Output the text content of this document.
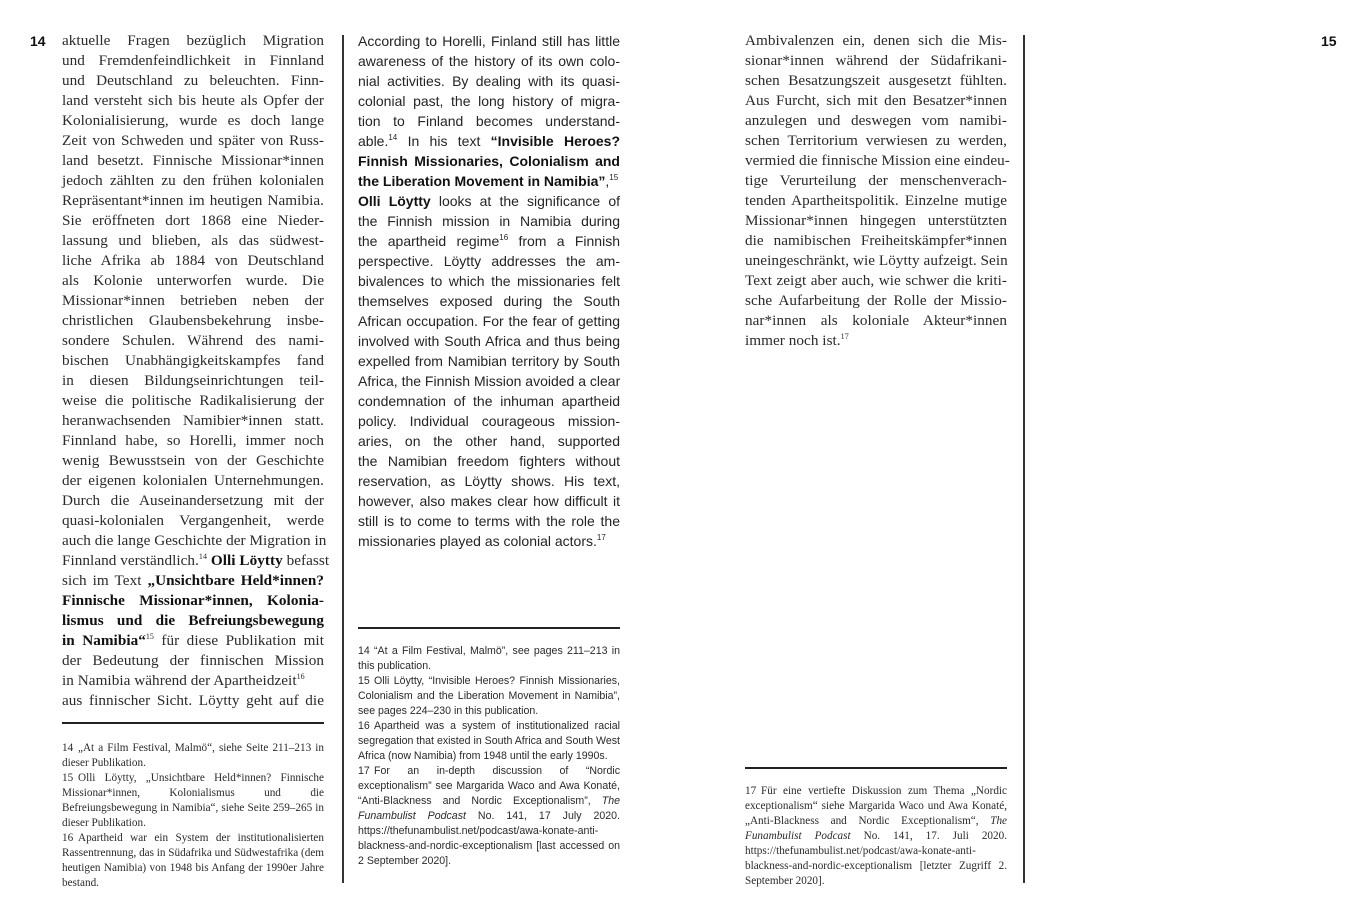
14	15
aktuelle Fragen bezüglich Migration
und Fremdenfeindlichkeit in Finnland
und Deutschland zu beleuchten. Finn-
land versteht sich bis heute als Opfer der
Kolonialisierung, wurde es doch lange
Zeit von Schweden und später von Russ-
land besetzt. Finnische Missionar*innen
jedoch zählten zu den frühen kolonialen
Repräsentant*innen im heutigen Namibia.
Sie eröffneten dort 1868 eine Nieder-
lassung und blieben, als das südwest-
liche Afrika ab 1884 von Deutschland
als Kolonie unterworfen wurde. Die
Missionar*innen betrieben neben der
christlichen Glaubensbekehrung insbe-
sondere Schulen. Während des nami-
bischen Unabhängigkeitskampfes fand
in diesen Bildungseinrichtungen teil-
weise die politische Radikalisierung der
heranwachsenden Namibier*innen statt.
Finnland habe, so Horelli, immer noch
wenig Bewusstsein von der Geschichte
der eigenen kolonialen Unternehmungen.
Durch die Auseinandersetzung mit der
quasi-kolonialen Vergangenheit, werde
auch die lange Geschichte der Migration in
Finnland verständlich.$^{14}$ Olli Löytty befasst
sich im Text „Unsichtbare Held*innen?
Finnische Missionar*innen, Kolonia-
lismus und die Befreiungsbewegung
in Namibia“$^{15}$ für diese Publikation mit
der Bedeutung der finnischen Mission
in Namibia während der Apartheidzeit$^{16}$
aus finnischer Sicht. Löytty geht auf die

14 „At a Film Festival, Malmö“, siehe Seite 211–213 in dieser Publikation.

15 Olli Löytty, „Unsichtbare Held*innen? Finnische Missionar*innen, Kolonialismus und die Befreiungsbewegung in Namibia“, siehe Seite 259–265 in dieser Publikation.

16 Apartheid war ein System der institutionalisierten Rassentrennung, das in Südafrika und Südwestafrika (dem heutigen Namibia) von 1948 bis Anfang der 1990er Jahre bestand.

According to Horelli, Finland still has little
awareness of the history of its own colo-
nial activities. By dealing with its quasi-
colonial past, the long history of migra-
tion to Finland becomes understand-
able.$^{14}$ In his text “Invisible Heroes?
Finnish Missionaries, Colonialism and
the Liberation Movement in Namibia”,$^{15}$
Olli Löytty looks at the significance of
the Finnish mission in Namibia during
the apartheid regime$^{16}$ from a Finnish
perspective. Löytty addresses the am-
bivalences to which the missionaries felt
themselves exposed during the South
African occupation. For the fear of getting
involved with South Africa and thus being
expelled from Namibian territory by South
Africa, the Finnish Mission avoided a clear
condemnation of the inhuman apartheid
policy. Individual courageous mission-
aries, on the other hand, supported
the Namibian freedom fighters without
reservation, as Löytty shows. His text,
however, also makes clear how difficult it
still is to come to terms with the role the
missionaries played as colonial actors.$^{17}$

14 “At a Film Festival, Malmö”, see pages 211–213 in this publication.

15 Olli Löytty, “Invisible Heroes? Finnish Missionaries, Colonialism and the Liberation Movement in Namibia”, see pages 224–230 in this publication.

16 Apartheid was a system of institutionalized racial segregation that existed in South Africa and South West Africa (now Namibia) from 1948 until the early 1990s.

17 For an in-depth discussion of “Nordic exceptionalism” see Margarida Waco and Awa Konaté, “Anti-Blackness and Nordic Exceptionalism”, The Funambulist Podcast No. 141, 17 July 2020. https://thefunambulist.net/podcast/awa-konate-anti-blackness-and-nordic-exceptionalism [last accessed on 2 September 2020].

Ambivalenzen ein, denen sich die Mis-
sionar*innen während der Südafrikani-
schen Besatzungszeit ausgesetzt fühlten.
Aus Furcht, sich mit den Besatzer*innen
anzulegen und deswegen vom namibi-
schen Territorium verwiesen zu werden,
vermied die finnische Mission eine eindeu-
tige Verurteilung der menschenverach-
tenden Apartheitspolitik. Einzelne mutige
Missionar*innen hingegen unterstützten
die namibischen Freiheitskämpfer*innen
uneingeschränkt, wie Löytty aufzeigt. Sein
Text zeigt aber auch, wie schwer die kriti-
sche Aufarbeitung der Rolle der Missio-
nar*innen als koloniale Akteur*innen
immer noch ist.$^{17}$

17 Für eine vertiefte Diskussion zum Thema „Nordic exceptionalism“ siehe Margarida Waco und Awa Konaté, „Anti-Blackness and Nordic Exceptionalism“, The Funambulist Podcast No. 141, 17. Juli 2020. https://thefunambulist.net/podcast/awa-konate-anti-blackness-and-nordic-exceptionalism [letzter Zugriff 2. September 2020].
